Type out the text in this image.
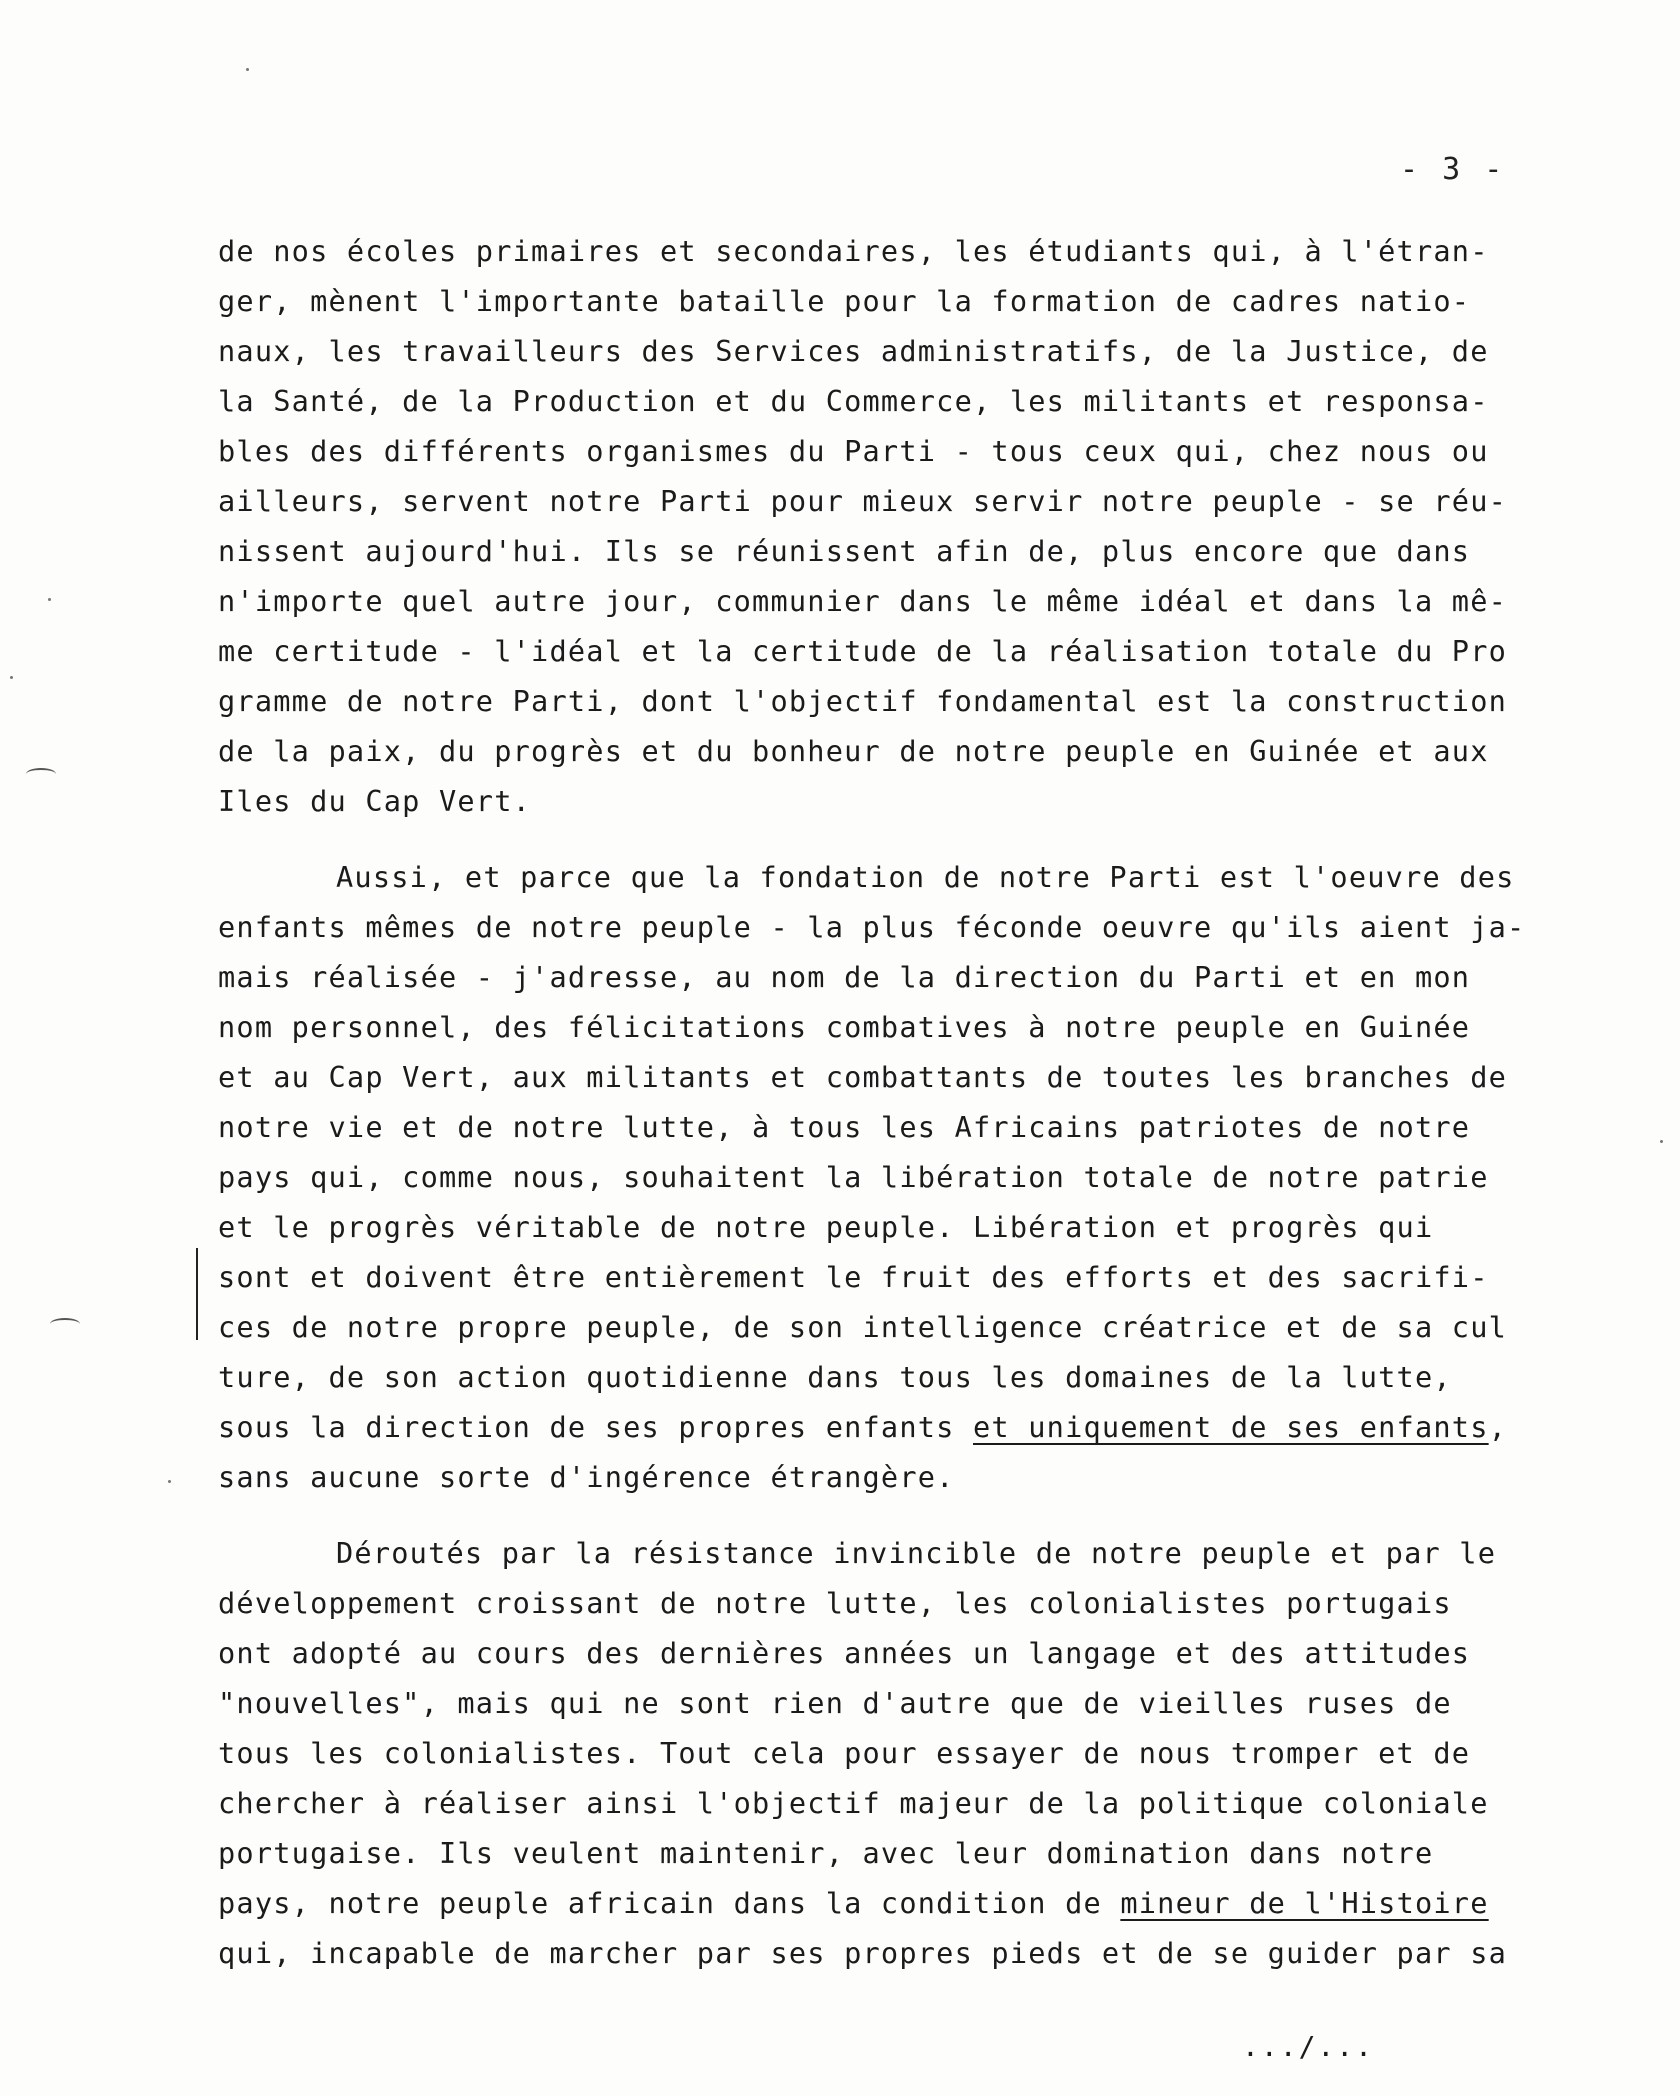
- 3 -
de nos écoles primaires et secondaires, les étudiants qui, à l'étran-
ger, mènent l'importante bataille pour la formation de cadres natio-
naux, les travailleurs des Services administratifs, de la Justice, de
la Santé, de la Production et du Commerce, les militants et responsa-
bles des différents organismes du Parti - tous ceux qui, chez nous ou
ailleurs, servent notre Parti pour mieux servir notre peuple - se réu-
nissent aujourd'hui. Ils se réunissent afin de, plus encore que dans
n'importe quel autre jour, communier dans le même idéal et dans la mê-
me certitude - l'idéal et la certitude de la réalisation totale du Pro
gramme de notre Parti, dont l'objectif fondamental est la construction
de la paix, du progrès et du bonheur de notre peuple en Guinée et aux
Iles du Cap Vert.
Aussi, et parce que la fondation de notre Parti est l'oeuvre des
enfants mêmes de notre peuple - la plus féconde oeuvre qu'ils aient ja-
mais réalisée - j'adresse, au nom de la direction du Parti et en mon
nom personnel, des félicitations combatives à notre peuple en Guinée
et au Cap Vert, aux militants et combattants de toutes les branches de
notre vie et de notre lutte, à tous les Africains patriotes de notre
pays qui, comme nous, souhaitent la libération totale de notre patrie
et le progrès véritable de notre peuple. Libération et progrès qui
sont et doivent être entièrement le fruit des efforts et des sacrifi-
ces de notre propre peuple, de son intelligence créatrice et de sa cul
ture, de son action quotidienne dans tous les domaines de la lutte,
sous la direction de ses propres enfants et uniquement de ses enfants,
sans aucune sorte d'ingérence étrangère.
Déroutés par la résistance invincible de notre peuple et par le
développement croissant de notre lutte, les colonialistes portugais
ont adopté au cours des dernières années un langage et des attitudes
"nouvelles", mais qui ne sont rien d'autre que de vieilles ruses de
tous les colonialistes. Tout cela pour essayer de nous tromper et de
chercher à réaliser ainsi l'objectif majeur de la politique coloniale
portugaise. Ils veulent maintenir, avec leur domination dans notre
pays, notre peuple africain dans la condition de mineur de l'Histoire
qui, incapable de marcher par ses propres pieds et de se guider par sa
.../...
